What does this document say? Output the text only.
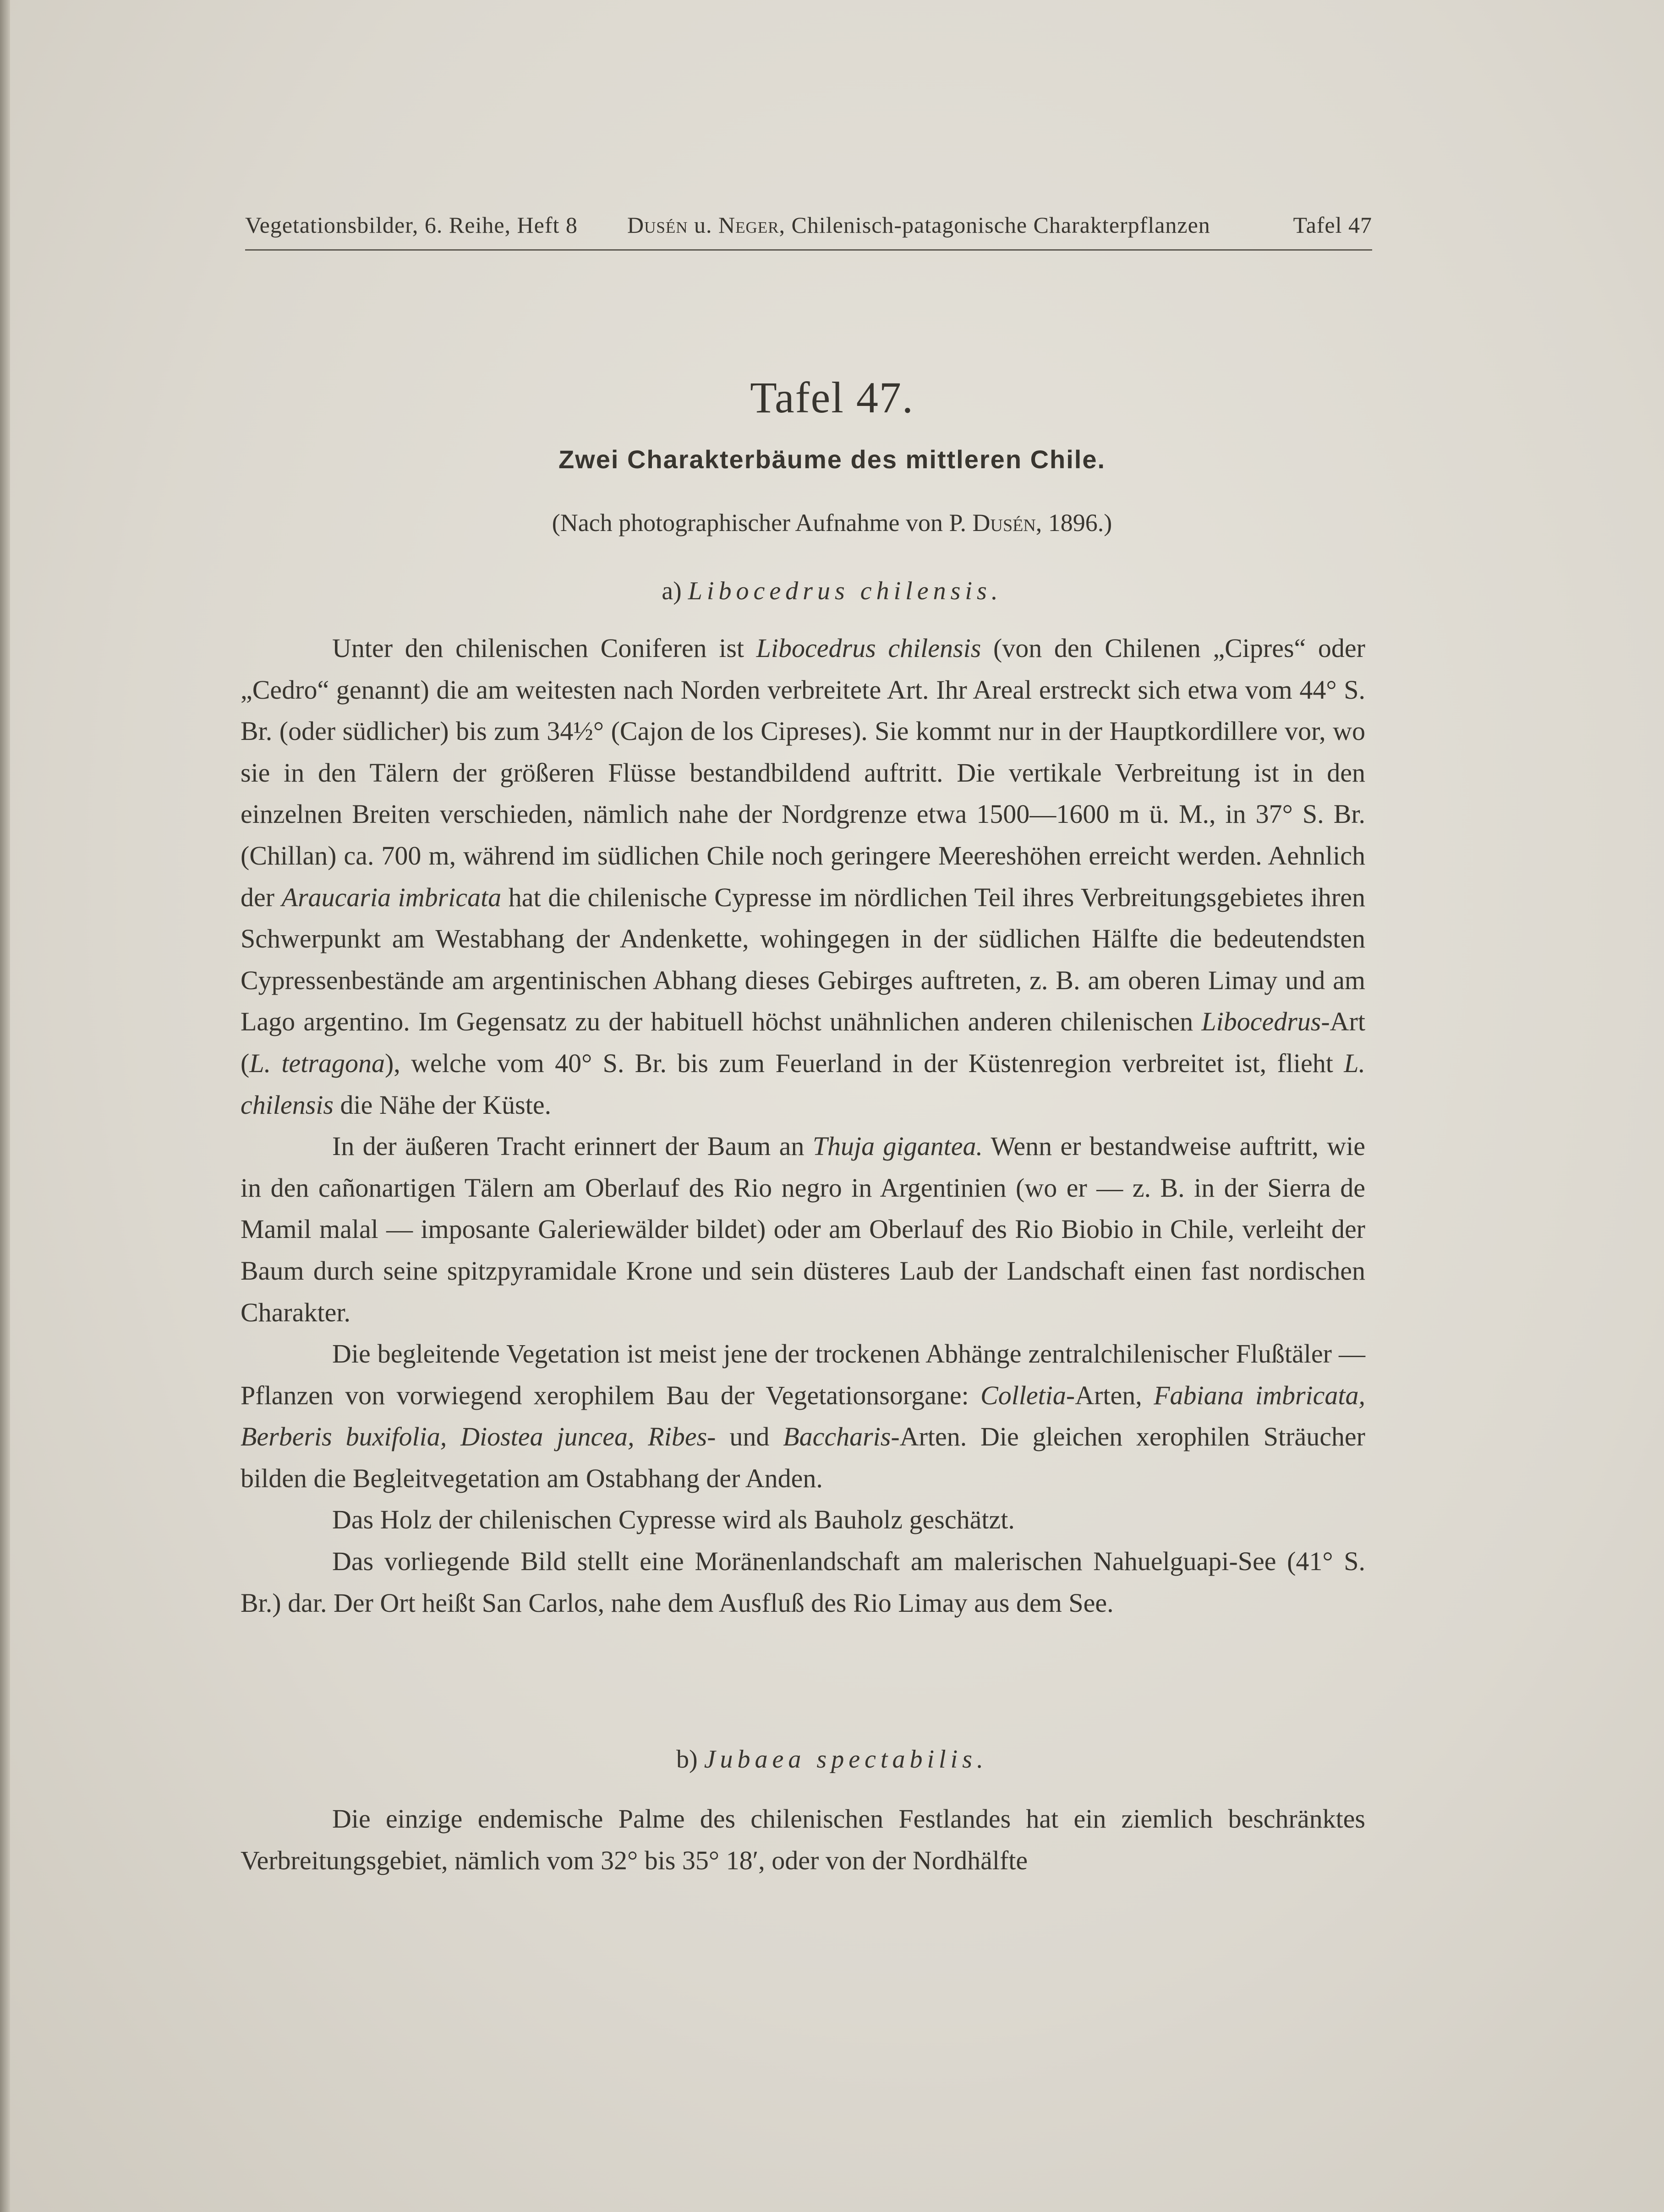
Vegetationsbilder, 6. Reihe, Heft 8 Dusén u. Neger, Chilenisch-patagonische Charakterpflanzen	Tafel 47
Tafel 47.
Zwei Charakterbäume des mittleren Chile.
(Nach photographischer Aufnahme von P. Dusén, 1896.)
a) Libocedrus chilensis.

Unter den chilenischen Coniferen ist Libocedrus chilensis (von den Chilenen „Cipres“ oder „Cedro“ genannt) die am weitesten nach Norden verbreitete Art. Ihr Areal erstreckt sich etwa vom 44° S. Br. (oder südlicher) bis zum 34½° (Cajon de los Cipreses). Sie kommt nur in der Hauptkordillere vor, wo sie in den Tälern der größeren Flüsse bestandbildend auftritt. Die vertikale Verbreitung ist in den einzelnen Breiten verschieden, nämlich nahe der Nordgrenze etwa 1500—1600 m ü. M., in 37° S. Br. (Chillan) ca. 700 m, während im südlichen Chile noch geringere Meereshöhen erreicht werden. Aehnlich der Araucaria imbricata hat die chilenische Cypresse im nördlichen Teil ihres Verbreitungsgebietes ihren Schwerpunkt am Westabhang der Andenkette, wohingegen in der südlichen Hälfte die bedeutendsten Cypressenbestände am argentinischen Abhang dieses Gebirges auftreten, z. B. am oberen Limay und am Lago argentino. Im Gegensatz zu der habituell höchst unähnlichen anderen chilenischen Libocedrus-Art (L. tetragona), welche vom 40° S. Br. bis zum Feuerland in der Küstenregion verbreitet ist, flieht L. chilensis die Nähe der Küste.

In der äußeren Tracht erinnert der Baum an Thuja gigantea. Wenn er bestandweise auftritt, wie in den cañonartigen Tälern am Oberlauf des Rio negro in Argentinien (wo er — z. B. in der Sierra de Mamil malal — imposante Galeriewälder bildet) oder am Oberlauf des Rio Biobio in Chile, verleiht der Baum durch seine spitzpyramidale Krone und sein düsteres Laub der Landschaft einen fast nordischen Charakter.

Die begleitende Vegetation ist meist jene der trockenen Abhänge zentralchilenischer Flußtäler — Pflanzen von vorwiegend xerophilem Bau der Vegetationsorgane: Colletia-Arten, Fabiana imbricata, Berberis buxifolia, Diostea juncea, Ribes- und Baccharis-Arten. Die gleichen xerophilen Sträucher bilden die Begleitvegetation am Ostabhang der Anden.

Das Holz der chilenischen Cypresse wird als Bauholz geschätzt.

Das vorliegende Bild stellt eine Moränenlandschaft am malerischen Nahuelguapi-See (41° S. Br.) dar. Der Ort heißt San Carlos, nahe dem Ausfluß des Rio Limay aus dem See.

b) Jubaea spectabilis.

Die einzige endemische Palme des chilenischen Festlandes hat ein ziemlich beschränktes Verbreitungsgebiet, nämlich vom 32° bis 35° 18′, oder von der Nordhälfte
